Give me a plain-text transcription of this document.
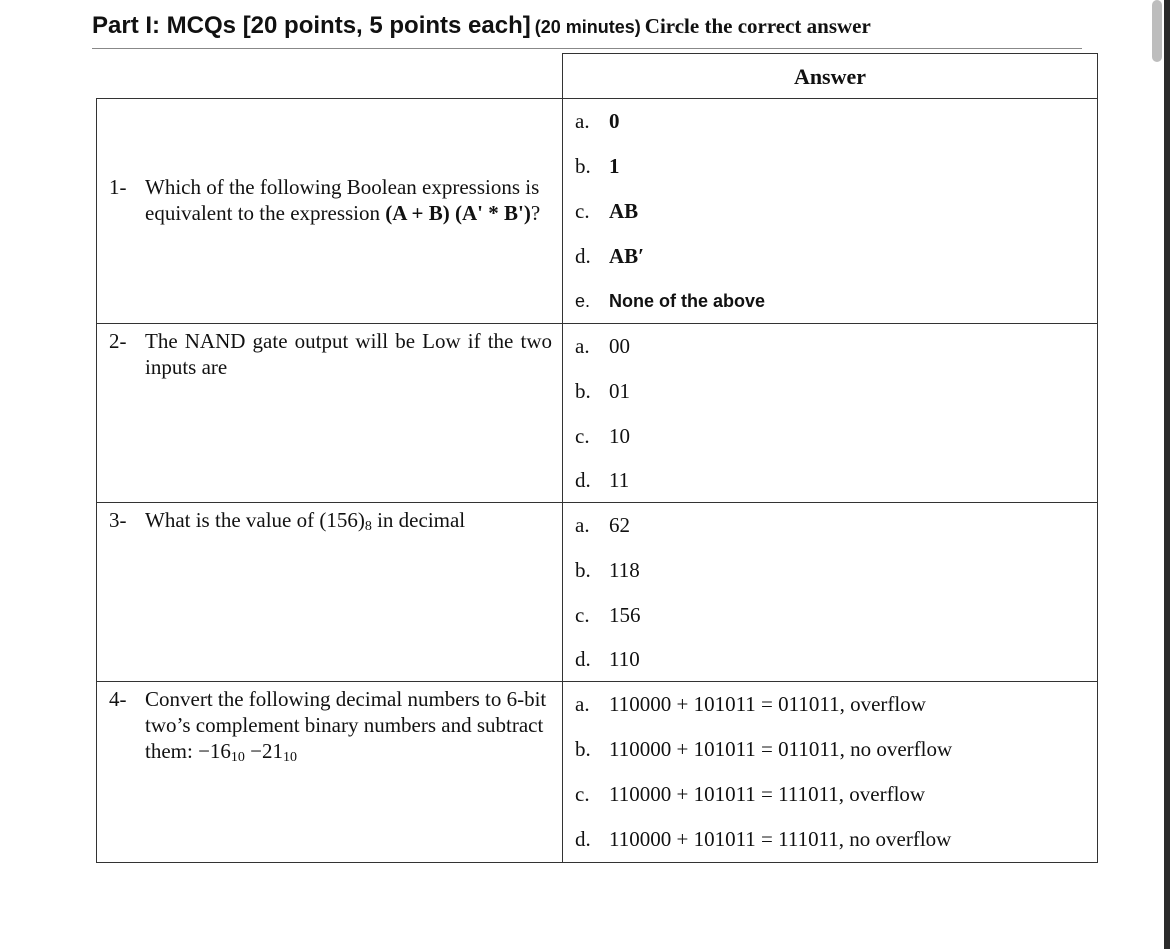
Part I: MCQs [20 points, 5 points each] (20 minutes) Circle the correct answer
Answer
1- Which of the following Boolean expressions is equivalent to the expression (A + B) (A' * B')?
a. 0
b. 1
c. AB
d. AB′
e.	None of the above
2- The NAND gate output will be Low if the two inputs are
a. 00
b. 01
c. 10
d. 11
3- What is the value of $(156)_8$ in decimal	a. 62
b. 118
c. 156
d. 110
4- Convert the following decimal numbers to 6-bit two’s complement binary numbers and subtract them: $-16_{10} -21_{10}$
a. 110000 + 101011 = 011011, overflow
b. 110000 + 101011 = 011011, no overflow
c. 110000 + 101011 = 111011, overflow
d. 110000 + 101011 = 111011, no overflow
